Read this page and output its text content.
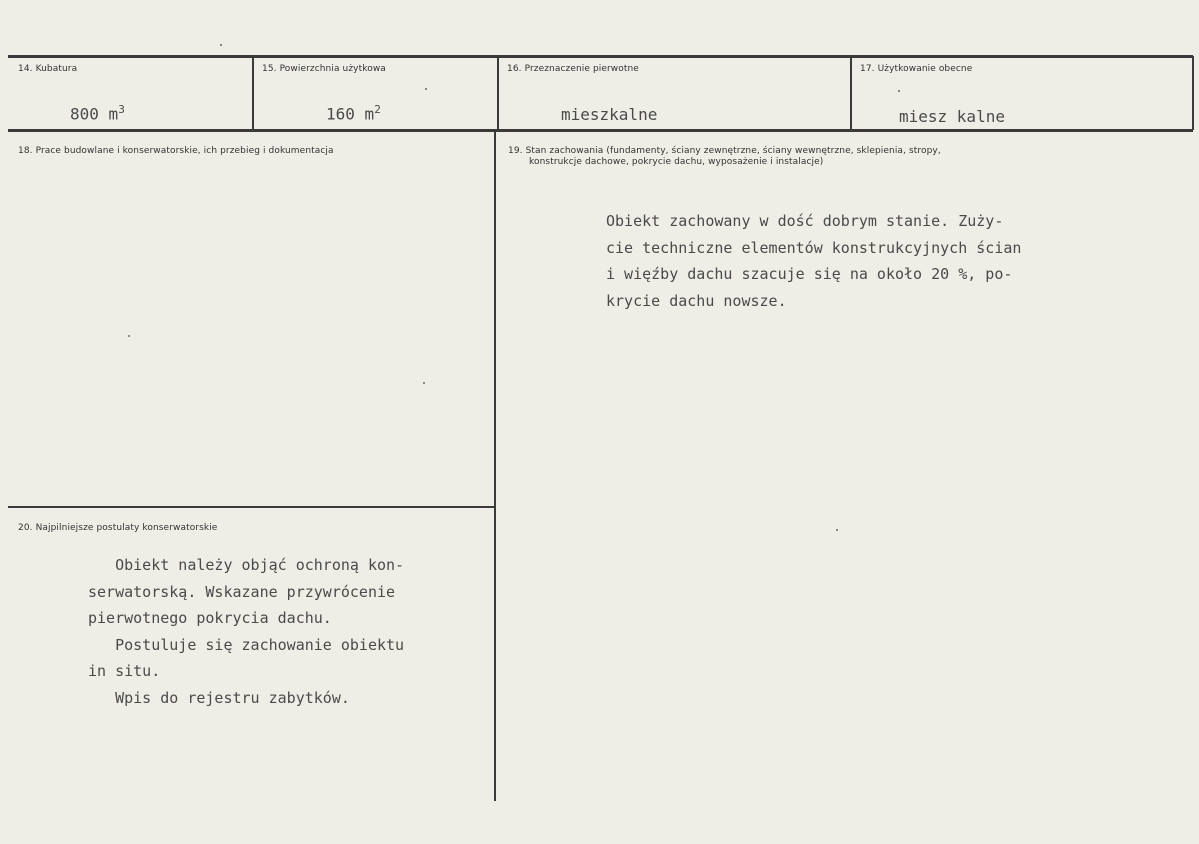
14. Kubatura
800 $m^3$
15. Powierzchnia użytkowa
160 $m^2$
16. Przeznaczenie pierwotne
mieszkalne
17. Użytkowanie obecne
miesz kalne
18. Prace budowlane i konserwatorskie, ich przebieg i dokumentacja	19. Stan zachowania (fundamenty, ściany zewnętrzne, ściany wewnętrzne, sklepienia, stropy,
konstrukcje dachowe, pokrycie dachu, wyposażenie i instalacje)
Obiekt zachowany w dość dobrym stanie. Zuży-
cie techniczne elementów konstrukcyjnych ścian
i więźby dachu szacuje się na około 20 %, po-
krycie dachu nowsze.
20. Najpilniejsze postulaty konserwatorskie
Obiekt należy objąć ochroną kon-
serwatorską. Wskazane przywrócenie
pierwotnego pokrycia dachu.
Postuluje się zachowanie obiektu
in situ.
Wpis do rejestru zabytków.
